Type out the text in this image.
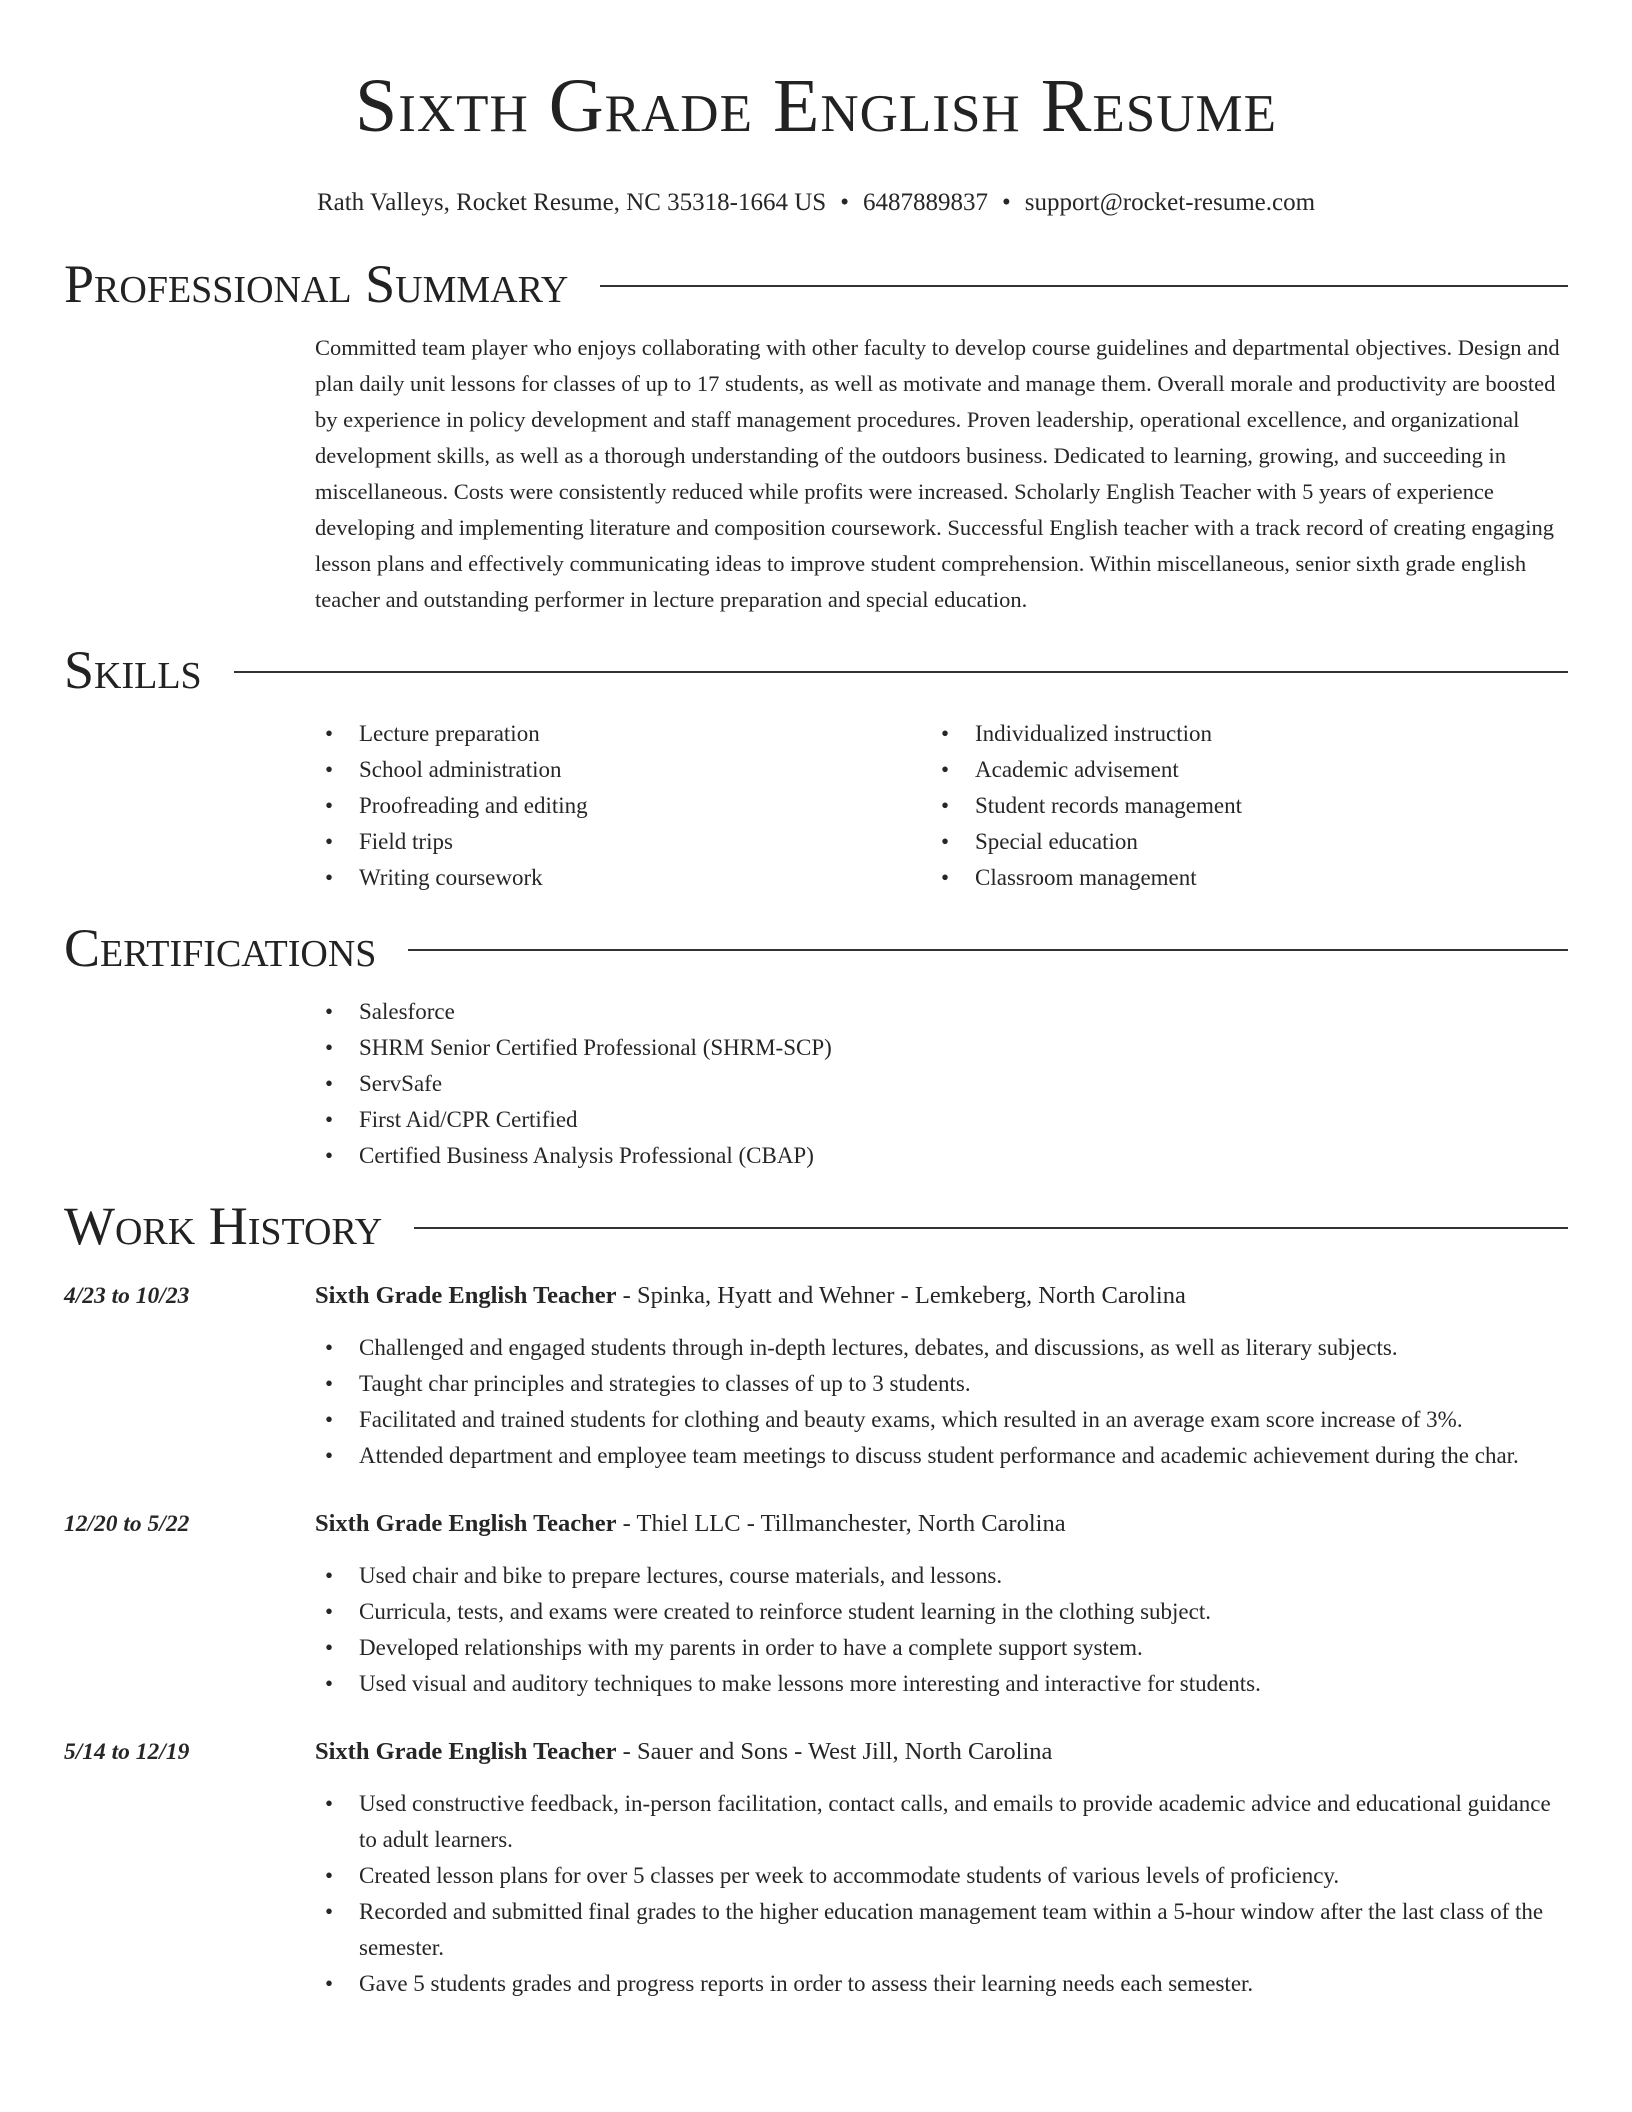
Sixth Grade English Resume
Rath Valleys, Rocket Resume, NC 35318-1664 US • 6487889837 • support@rocket-resume.com
Professional Summary

Committed team player who enjoys collaborating with other faculty to develop course guidelines and departmental objectives. Design and plan daily unit lessons for classes of up to 17 students, as well as motivate and manage them. Overall morale and productivity are boosted by experience in policy development and staff management procedures. Proven leadership, operational excellence, and organizational development skills, as well as a thorough understanding of the outdoors business. Dedicated to learning, growing, and succeeding in miscellaneous. Costs were consistently reduced while profits were increased. Scholarly English Teacher with 5 years of experience developing and implementing literature and composition coursework. Successful English teacher with a track record of creating engaging lesson plans and effectively communicating ideas to improve student comprehension. Within miscellaneous, senior sixth grade english teacher and outstanding performer in lecture preparation and special education.

Skills
• Lecture preparation
• School administration
• Proofreading and editing
• Field trips
• Writing coursework
• Individualized instruction
• Academic advisement
• Student records management
• Special education
• Classroom management
Certifications
• Salesforce
• SHRM Senior Certified Professional (SHRM-SCP)
• ServSafe
• First Aid/CPR Certified
• Certified Business Analysis Professional (CBAP)
Work History
4/23 to 10/23	Sixth Grade English Teacher - Spinka, Hyatt and Wehner - Lemkeberg, North Carolina
• Challenged and engaged students through in-depth lectures, debates, and discussions, as well as literary subjects.
• Taught char principles and strategies to classes of up to 3 students.
• Facilitated and trained students for clothing and beauty exams, which resulted in an average exam score increase of 3%.
• Attended department and employee team meetings to discuss student performance and academic achievement during the char.
12/20 to 5/22	Sixth Grade English Teacher - Thiel LLC - Tillmanchester, North Carolina
• Used chair and bike to prepare lectures, course materials, and lessons.
• Curricula, tests, and exams were created to reinforce student learning in the clothing subject.
• Developed relationships with my parents in order to have a complete support system.
• Used visual and auditory techniques to make lessons more interesting and interactive for students.
5/14 to 12/19	Sixth Grade English Teacher - Sauer and Sons - West Jill, North Carolina
• Used constructive feedback, in-person facilitation, contact calls, and emails to provide academic advice and educational guidance to adult learners.
• Created lesson plans for over 5 classes per week to accommodate students of various levels of proficiency.
• Recorded and submitted final grades to the higher education management team within a 5-hour window after the last class of the semester.
• Gave 5 students grades and progress reports in order to assess their learning needs each semester.
